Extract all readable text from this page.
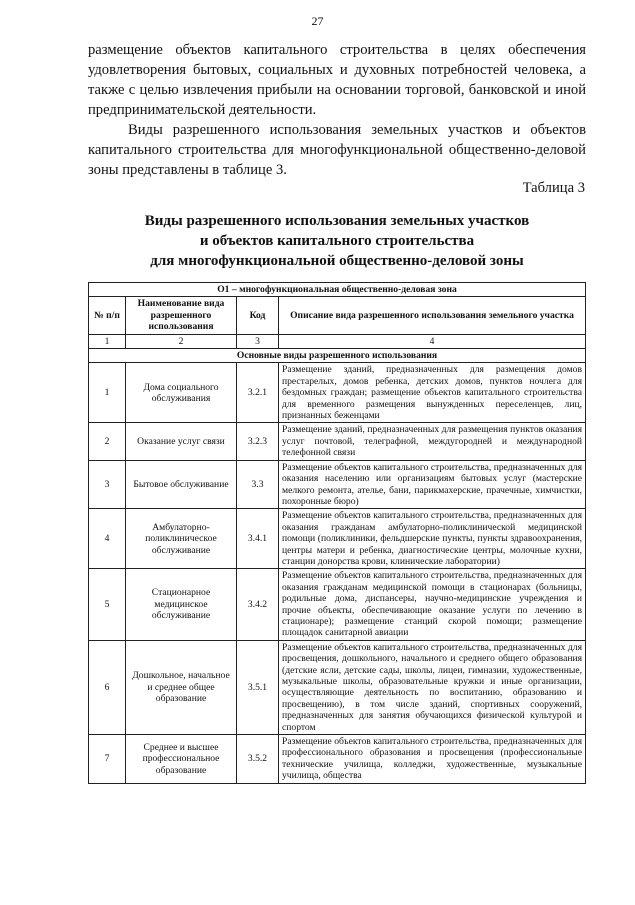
27

размещение объектов капитального строительства в целях обеспечения удовлетворения бытовых, социальных и духовных потребностей человека, а также с целью извлечения прибыли на основании торговой, банковской и иной предпринимательской деятельности.

Виды разрешенного использования земельных участков и объектов капитального строительства для многофункциональной общественно-деловой зоны представлены в таблице 3.

Таблица 3
Виды разрешенного использования земельных участков
и объектов капитального строительства
для многофункциональной общественно-деловой зоны
О1 – многофункциональная общественно-деловая зона			
№ п/п	Наименование вида разрешенного использования	Код	Описание вида разрешенного использования земельного участка
1	2	3	4
Основные виды разрешенного использования			
1	Дома социального обслуживания	3.2.1	Размещение зданий, предназначенных для размещения домов престарелых, домов ребенка, детских домов, пунктов ночлега для бездомных граждан; размещение объектов капитального строительства для временного размещения вынужденных переселенцев, лиц, признанных беженцами
2	Оказание услуг связи	3.2.3	Размещение зданий, предназначенных для размещения пунктов оказания услуг почтовой, телеграфной, междугородней и международной телефонной связи
3	Бытовое обслуживание	3.3	Размещение объектов капитального строительства, предназначенных для оказания населению или организациям бытовых услуг (мастерские мелкого ремонта, ателье, бани, парикмахерские, прачечные, химчистки, похоронные бюро)
4	Амбулаторно-поликлиническое обслуживание	3.4.1	Размещение объектов капитального строительства, предназначенных для оказания гражданам амбулаторно-поликлинической медицинской помощи (поликлиники, фельдшерские пункты, пункты здравоохранения, центры матери и ребенка, диагностические центры, молочные кухни, станции донорства крови, клинические лаборатории)
5	Стационарное медицинское обслуживание	3.4.2	Размещение объектов капитального строительства, предназначенных для оказания гражданам медицинской помощи в стационарах (больницы, родильные дома, диспансеры, научно-медицинские учреждения и прочие объекты, обеспечивающие оказание услуги по лечению в стационаре); размещение станций скорой помощи; размещение площадок санитарной авиации
6	Дошкольное, начальное и среднее общее образование	3.5.1	Размещение объектов капитального строительства, предназначенных для просвещения, дошкольного, начального и среднего общего образования (детские ясли, детские сады, школы, лицеи, гимназии, художественные, музыкальные школы, образовательные кружки и иные организации, осуществляющие деятельность по воспитанию, образованию и просвещению), в том числе зданий, спортивных сооружений, предназначенных для занятия обучающихся физической культурой и спортом
7	Среднее и высшее профессиональное образование	3.5.2	Размещение объектов капитального строительства, предназначенных для профессионального образования и просвещения (профессиональные технические училища, колледжи, художественные, музыкальные училища, общества
